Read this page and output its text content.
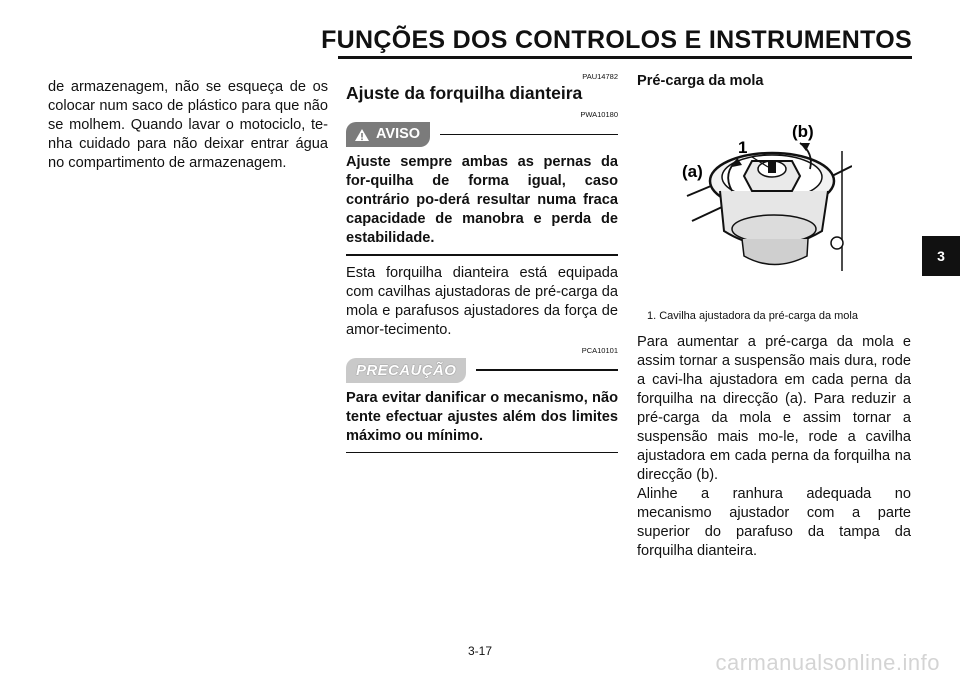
FUNÇÕES DOS CONTROLOS E INSTRUMENTOS

de armazenagem, não se esqueça de os colocar num saco de plástico para que não se molhem. Quando lavar o motociclo, te-nha cuidado para não deixar entrar água no compartimento de armazenagem.

PAU14782

Ajuste da forquilha dianteira

PWA10180

AVISO

Ajuste sempre ambas as pernas da for-quilha de forma igual, caso contrário po-derá resultar numa fraca capacidade de manobra e perda de estabilidade.

Esta forquilha dianteira está equipada com cavilhas ajustadoras de pré-carga da mola e parafusos ajustadores da força de amor-tecimento.

PCA10101

PRECAUÇÃO

Para evitar danificar o mecanismo, não tente efectuar ajustes além dos limites máximo ou mínimo.

Pré-carga da mola

(b)
(a)
1

1. Cavilha ajustadora da pré-carga da mola

Para aumentar a pré-carga da mola e assim tornar a suspensão mais dura, rode a cavi-lha ajustadora em cada perna da forquilha na direcção (a). Para reduzir a pré-carga da mola e assim tornar a suspensão mais mo-le, rode a cavilha ajustadora em cada perna da forquilha na direcção (b).

Alinhe a ranhura adequada no mecanismo ajustador com a parte superior do parafuso da tampa da forquilha dianteira.

3
3-17	carmanualsonline.info
